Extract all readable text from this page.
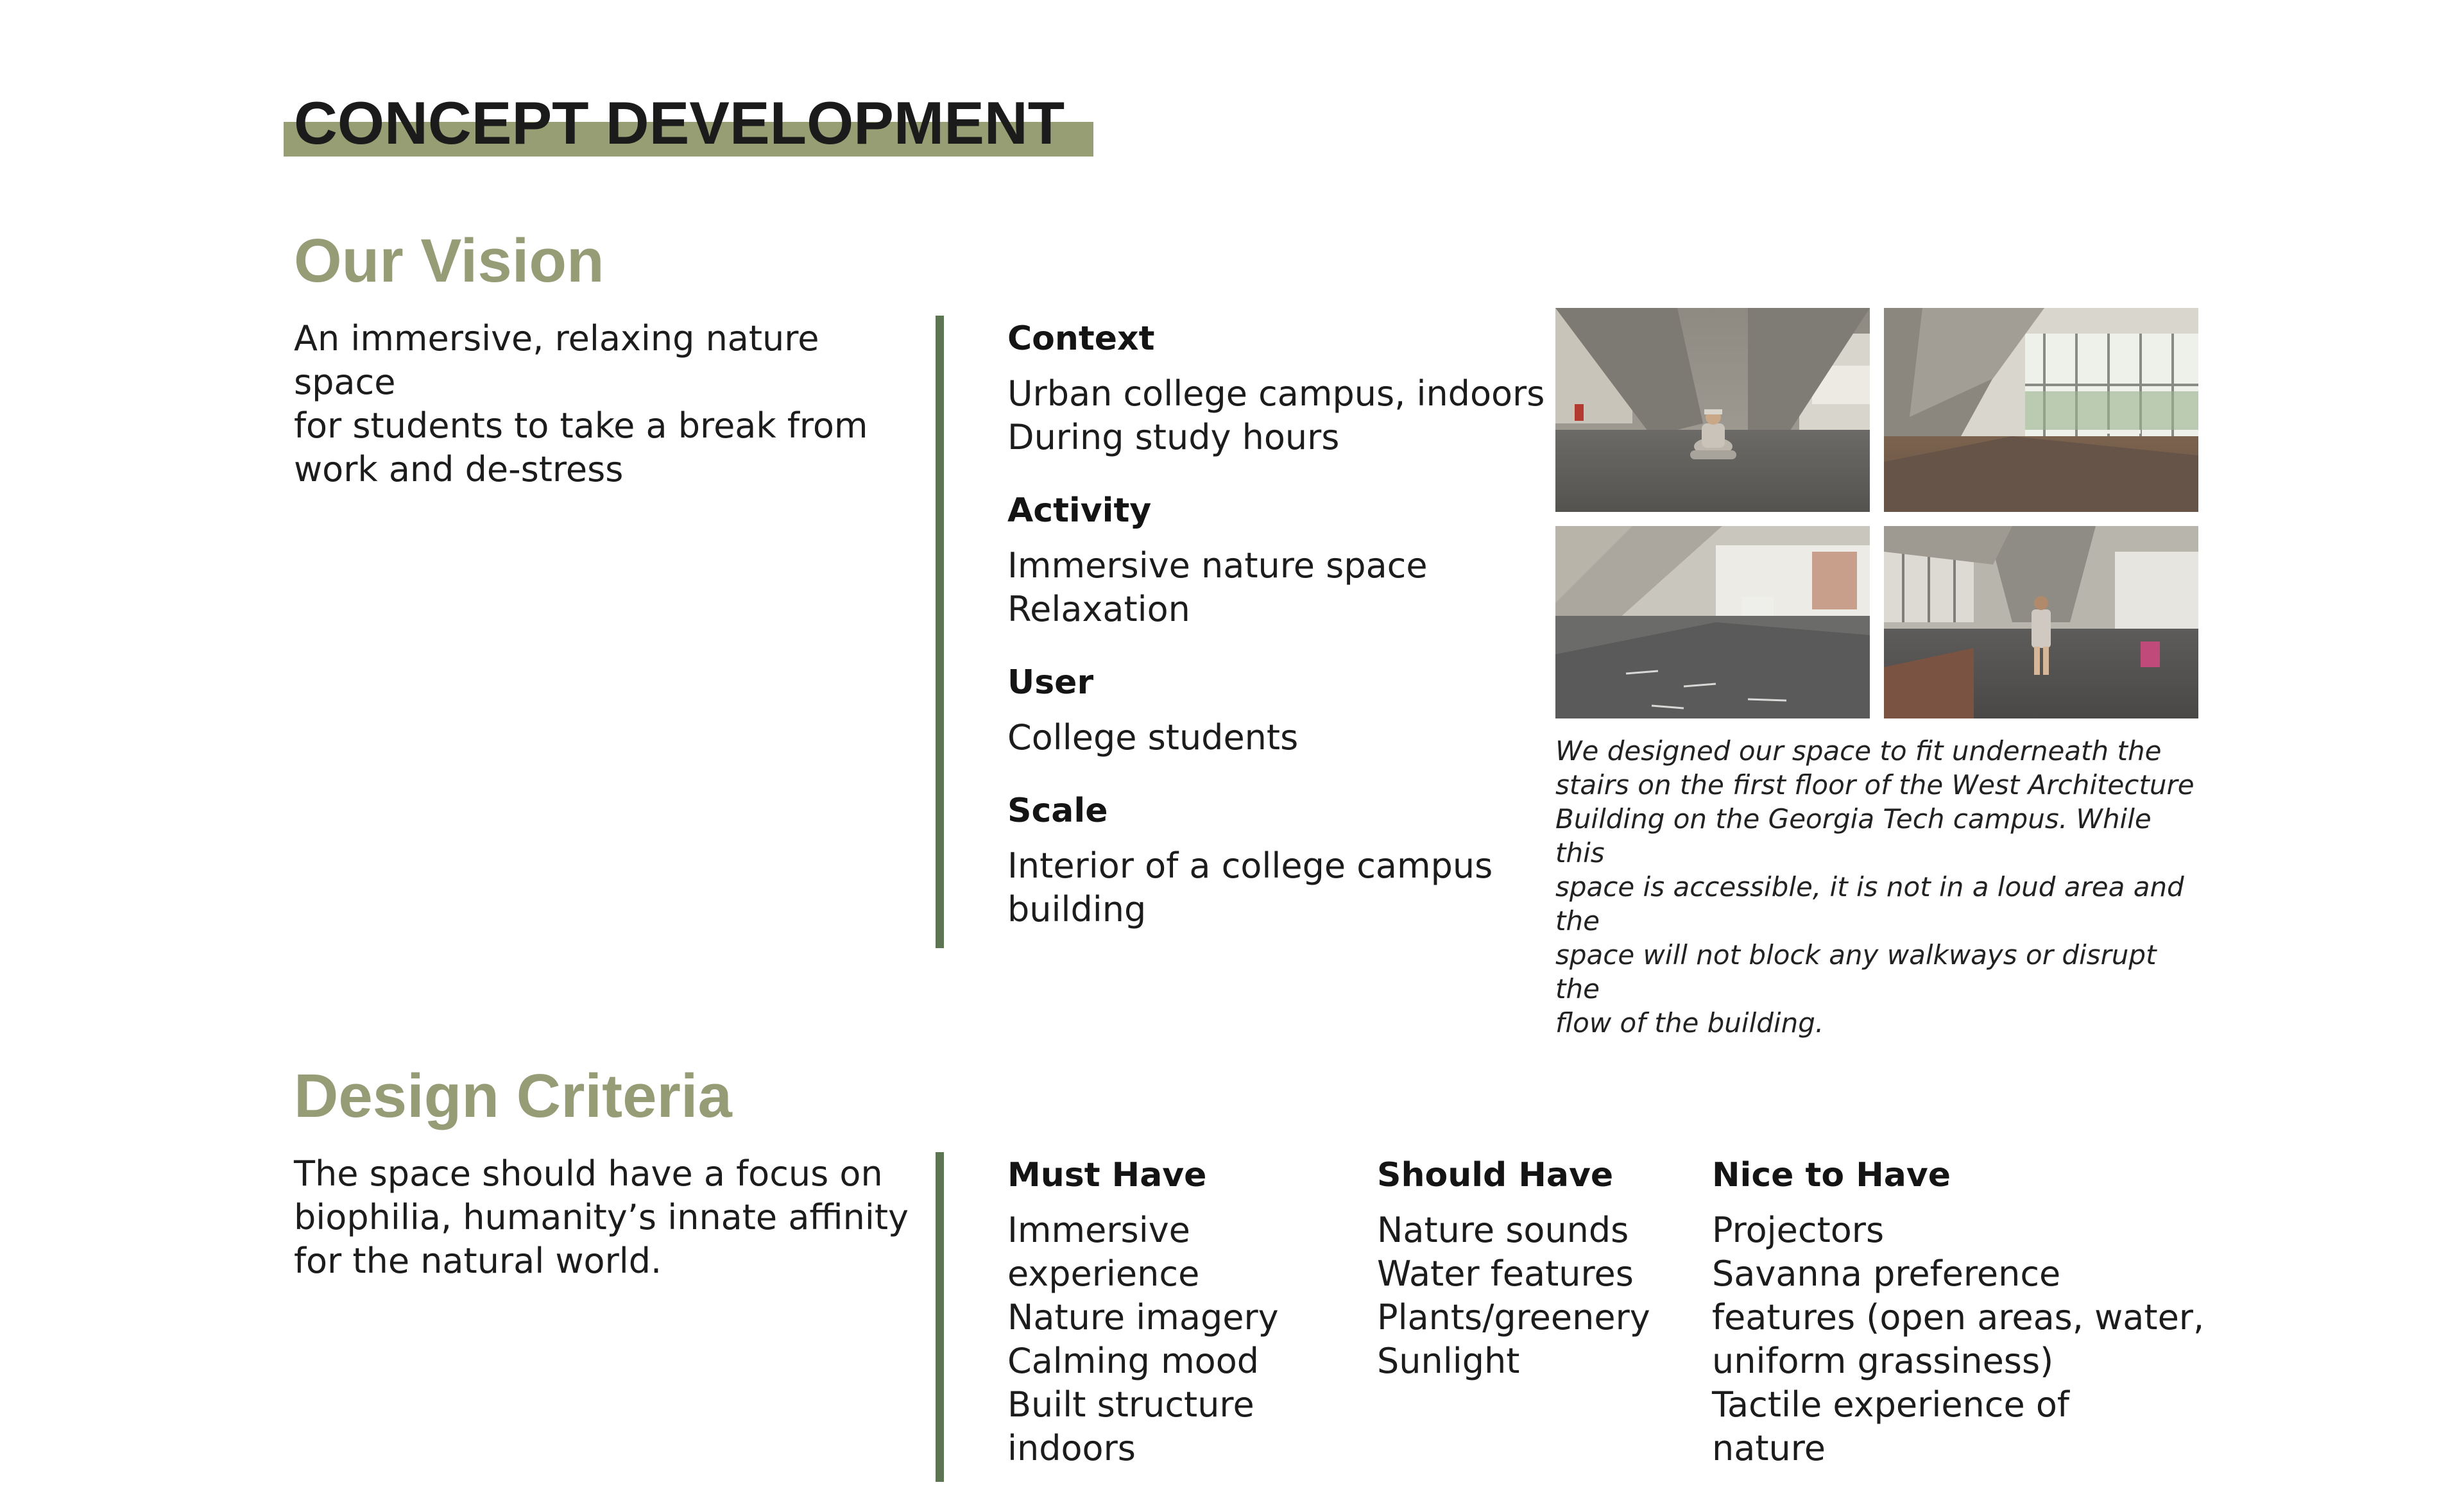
CONCEPT DEVELOPMENT
Our Vision
An immersive, relaxing nature space
for students to take a break from
work and de-stress
Context
Urban college campus, indoors
During study hours
Activity
Immersive nature space
Relaxation
User
College students
Scale
Interior of a college campus
building
We designed our space to fit underneath the
stairs on the first floor of the West Architecture
Building on the Georgia Tech campus. While this
space is accessible, it is not in a loud area and the
space will not block any walkways or disrupt the
flow of the building.
Design Criteria
The space should have a focus on
biophilia, humanity’s innate affinity
for the natural world.
Must Have
Immersive
experience
Nature imagery
Calming mood
Built structure
indoors
Should Have
Nature sounds
Water features
Plants/greenery
Sunlight
Nice to Have
Projectors
Savanna preference
features (open areas, water,
uniform grassiness)
Tactile experience of
nature
